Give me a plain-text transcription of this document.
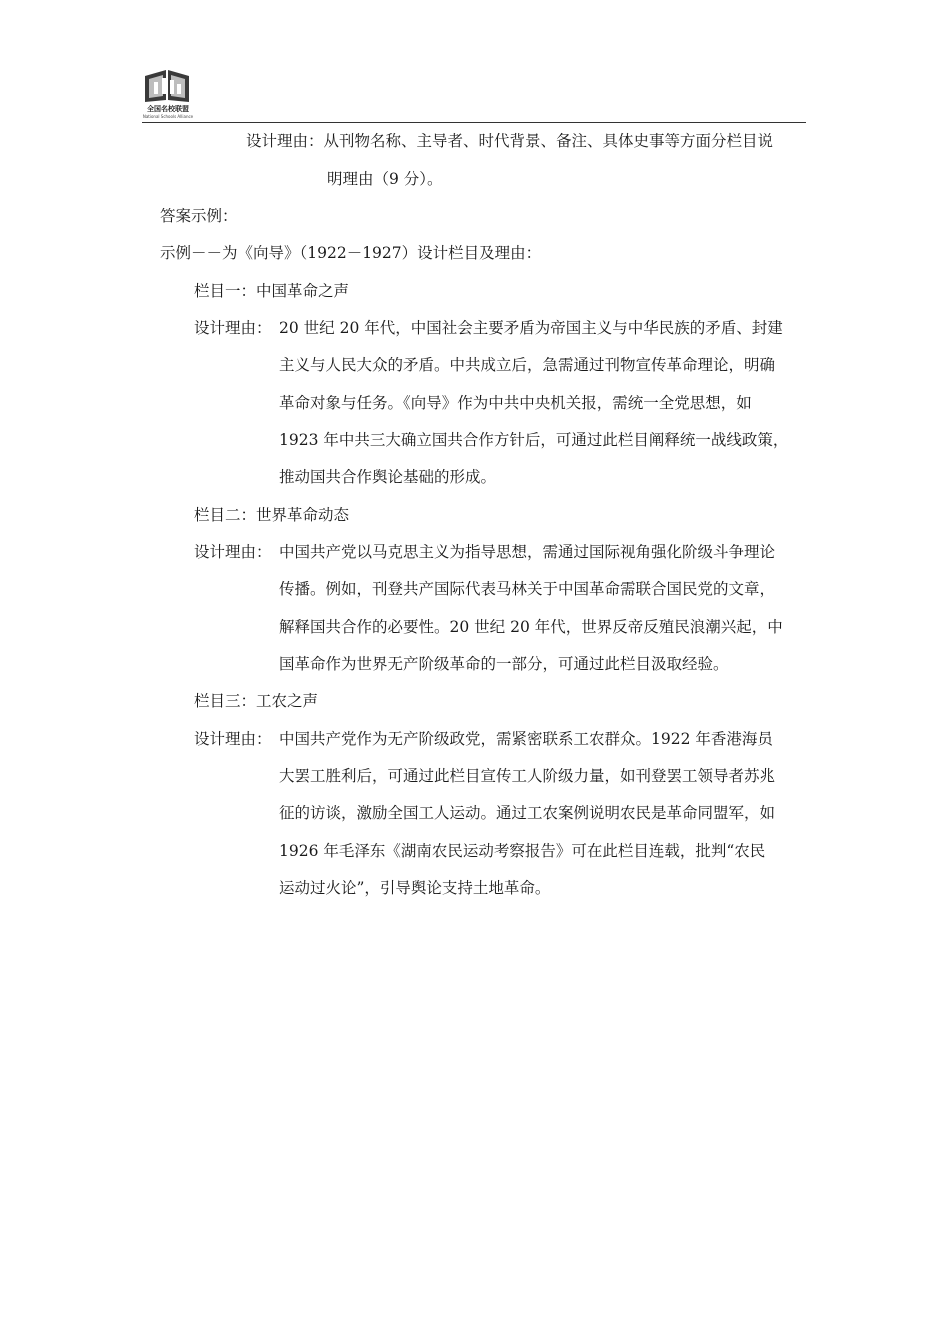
全国名校联盟
National Schools Alliance
设计理由：从刊物名称、主导者、时代背景、备注、具体史事等方面分栏目说
明理由（9 分）。
答案示例：
示例－－为《向导》（1922－1927）设计栏目及理由：
栏目一：中国革命之声
设计理由： 20 世纪 20 年代，中国社会主要矛盾为帝国主义与中华民族的矛盾、封建
主义与人民大众的矛盾。中共成立后，急需通过刊物宣传革命理论，明确
革命对象与任务。《向导》作为中共中央机关报，需统一全党思想，如
1923 年中共三大确立国共合作方针后，可通过此栏目阐释统一战线政策，
推动国共合作舆论基础的形成。
栏目二：世界革命动态
设计理由： 中国共产党以马克思主义为指导思想，需通过国际视角强化阶级斗争理论
传播。例如，刊登共产国际代表马林关于中国革命需联合国民党的文章，
解释国共合作的必要性。20 世纪 20 年代，世界反帝反殖民浪潮兴起，中
国革命作为世界无产阶级革命的一部分，可通过此栏目汲取经验。
栏目三：工农之声
设计理由： 中国共产党作为无产阶级政党，需紧密联系工农群众。1922 年香港海员
大罢工胜利后，可通过此栏目宣传工人阶级力量，如刊登罢工领导者苏兆
征的访谈，激励全国工人运动。通过工农案例说明农民是革命同盟军，如
1926 年毛泽东《湖南农民运动考察报告》可在此栏目连载，批判“农民
运动过火论”，引导舆论支持土地革命。
